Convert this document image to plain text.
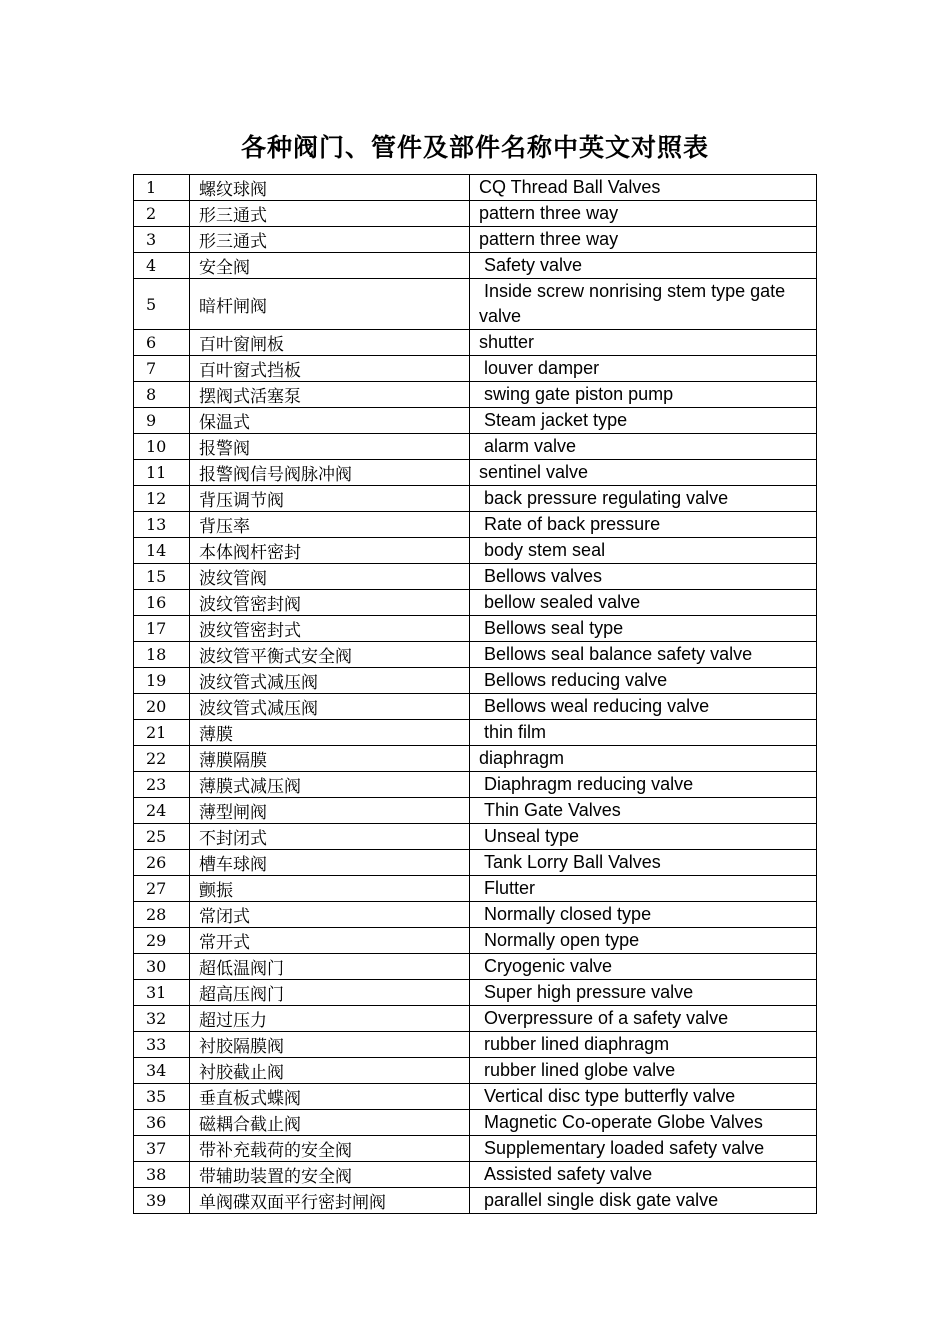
各种阀门、管件及部件名称中英文对照表
1	螺纹球阀	CQ Thread Ball Valves
2	形三通式	pattern three way
3	形三通式	pattern three way
4	安全阀	Safety valve
5	暗杆闸阀	Inside screw nonrising stem type gate valve
6	百叶窗闸板	shutter
7	百叶窗式挡板	louver damper
8	摆阀式活塞泵	swing gate piston pump
9	保温式	Steam jacket type
10	报警阀	alarm valve
11	报警阀信号阀脉冲阀	sentinel valve
12	背压调节阀	back pressure regulating valve
13	背压率	Rate of back pressure
14	本体阀杆密封	body stem seal
15	波纹管阀	Bellows valves
16	波纹管密封阀	bellow sealed valve
17	波纹管密封式	Bellows seal type
18	波纹管平衡式安全阀	Bellows seal balance safety valve
19	波纹管式减压阀	Bellows reducing valve
20	波纹管式减压阀	Bellows weal reducing valve
21	薄膜	thin film
22	薄膜隔膜	diaphragm
23	薄膜式减压阀	Diaphragm reducing valve
24	薄型闸阀	Thin Gate Valves
25	不封闭式	Unseal type
26	槽车球阀	Tank Lorry Ball Valves
27	颤振	Flutter
28	常闭式	Normally closed type
29	常开式	Normally open type
30	超低温阀门	Cryogenic valve
31	超高压阀门	Super high pressure valve
32	超过压力	Overpressure of a safety valve
33	衬胶隔膜阀	rubber lined diaphragm
34	衬胶截止阀	rubber lined globe valve
35	垂直板式蝶阀	Vertical disc type butterfly valve
36	磁耦合截止阀	Magnetic Co-operate Globe Valves
37	带补充载荷的安全阀	Supplementary loaded safety valve
38	带辅助装置的安全阀	Assisted safety valve
39	单阀碟双面平行密封闸阀	parallel single disk gate valve
